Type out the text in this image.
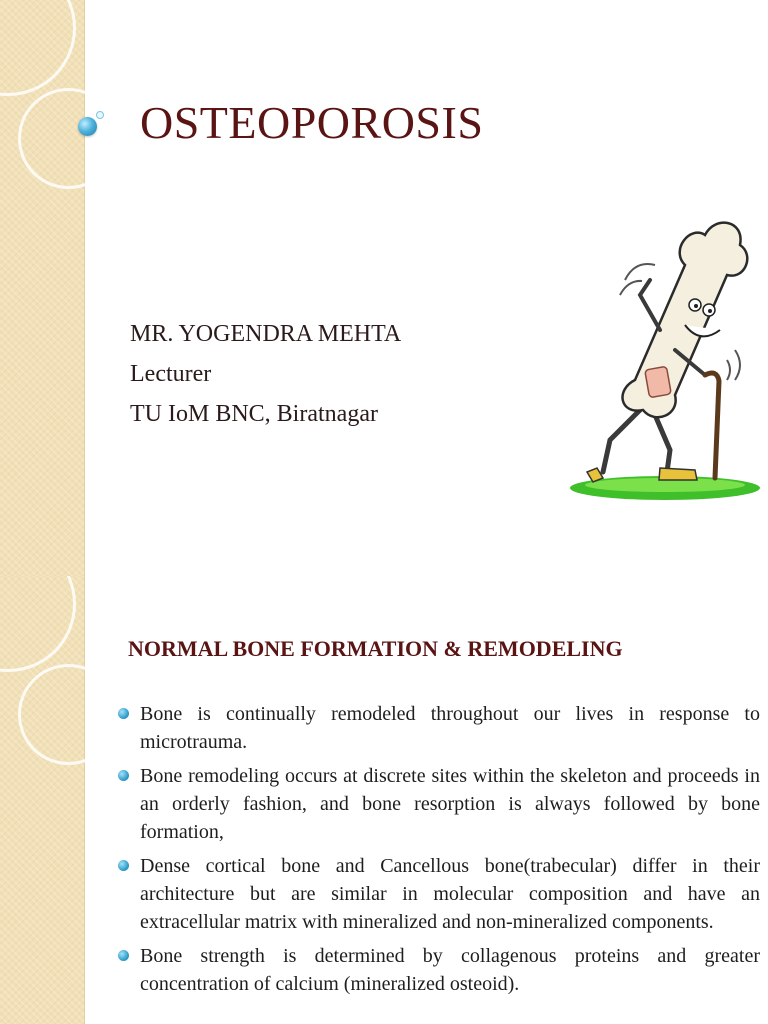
OSTEOPOROSIS
MR. YOGENDRA MEHTA
Lecturer
TU IoM BNC, Biratnagar
NORMAL BONE FORMATION & REMODELING
Bone is continually remodeled throughout our lives in response to microtrauma.
Bone remodeling occurs at discrete sites within the skeleton and proceeds in an orderly fashion, and bone resorption is always followed by bone formation,
Dense cortical bone and Cancellous bone(trabecular) differ in their architecture but are similar in molecular composition and have an extracellular matrix with mineralized and non-mineralized components.
Bone strength is determined by collagenous proteins and greater concentration of calcium (mineralized osteoid).
